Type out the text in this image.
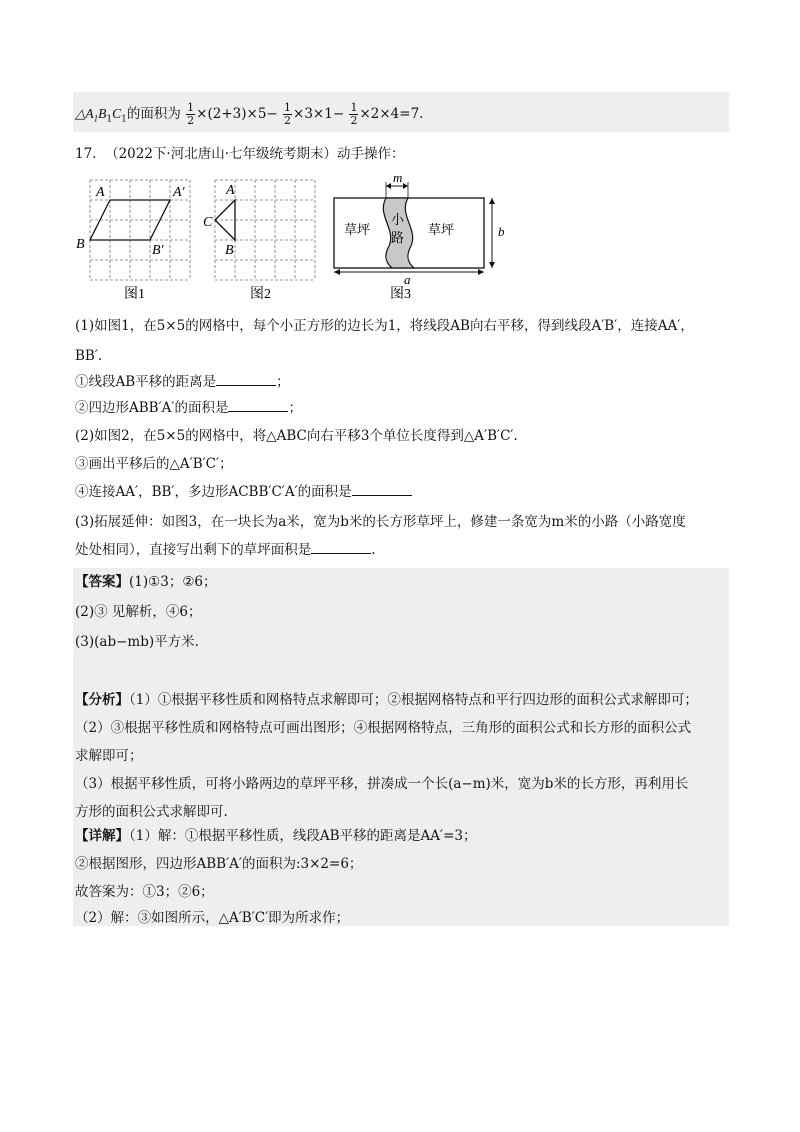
$\triangle A_1B_1C_1$的面积为 $\frac{1}{2} \times(2+3)\times 5- \frac{1}{2} \times 3\times 1- \frac{1}{2} \times 2\times 4=7$.
17. （2022下·河北唐山·七年级统考期末）动手操作：
A	A′
B	B′
图1
A
C
B
图2
草坪
小
路
草坪
m
a
b
图3
(1)如图1，在5×5的网格中，每个小正方形的边长为1，将线段AB向右平移，得到线段A′B′，连接AA′，
BB′.
①线段AB平移的距离是	；
②四边形ABB′A′的面积是	；
(2)如图2，在5×5的网格中，将△ABC向右平移3个单位长度得到△A′B′C′.
③画出平移后的△A′B′C′；
④连接AA′，BB′，多边形ACBB′C′A′的面积是
(3)拓展延伸：如图3，在一块长为a米，宽为b米的长方形草坪上，修建一条宽为m米的小路（小路宽度
处处相同），直接写出剩下的草坪面积是	.
【答案】(1)①3；②6；
(2)③ 见解析，④6；
(3)(ab−mb)平方米.
【分析】（1）①根据平移性质和网格特点求解即可；②根据网格特点和平行四边形的面积公式求解即可；
（2）③根据平移性质和网格特点可画出图形；④根据网格特点，三角形的面积公式和长方形的面积公式
求解即可；
（3）根据平移性质，可将小路两边的草坪平移，拼凑成一个长(a−m)米，宽为b米的长方形，再利用长
方形的面积公式求解即可.
【详解】（1）解：①根据平移性质，线段AB平移的距离是AA′=3；
②根据图形，四边形ABB′A′的面积为:3×2=6；
故答案为：①3；②6；
（2）解：③如图所示，△A′B′C′即为所求作；
